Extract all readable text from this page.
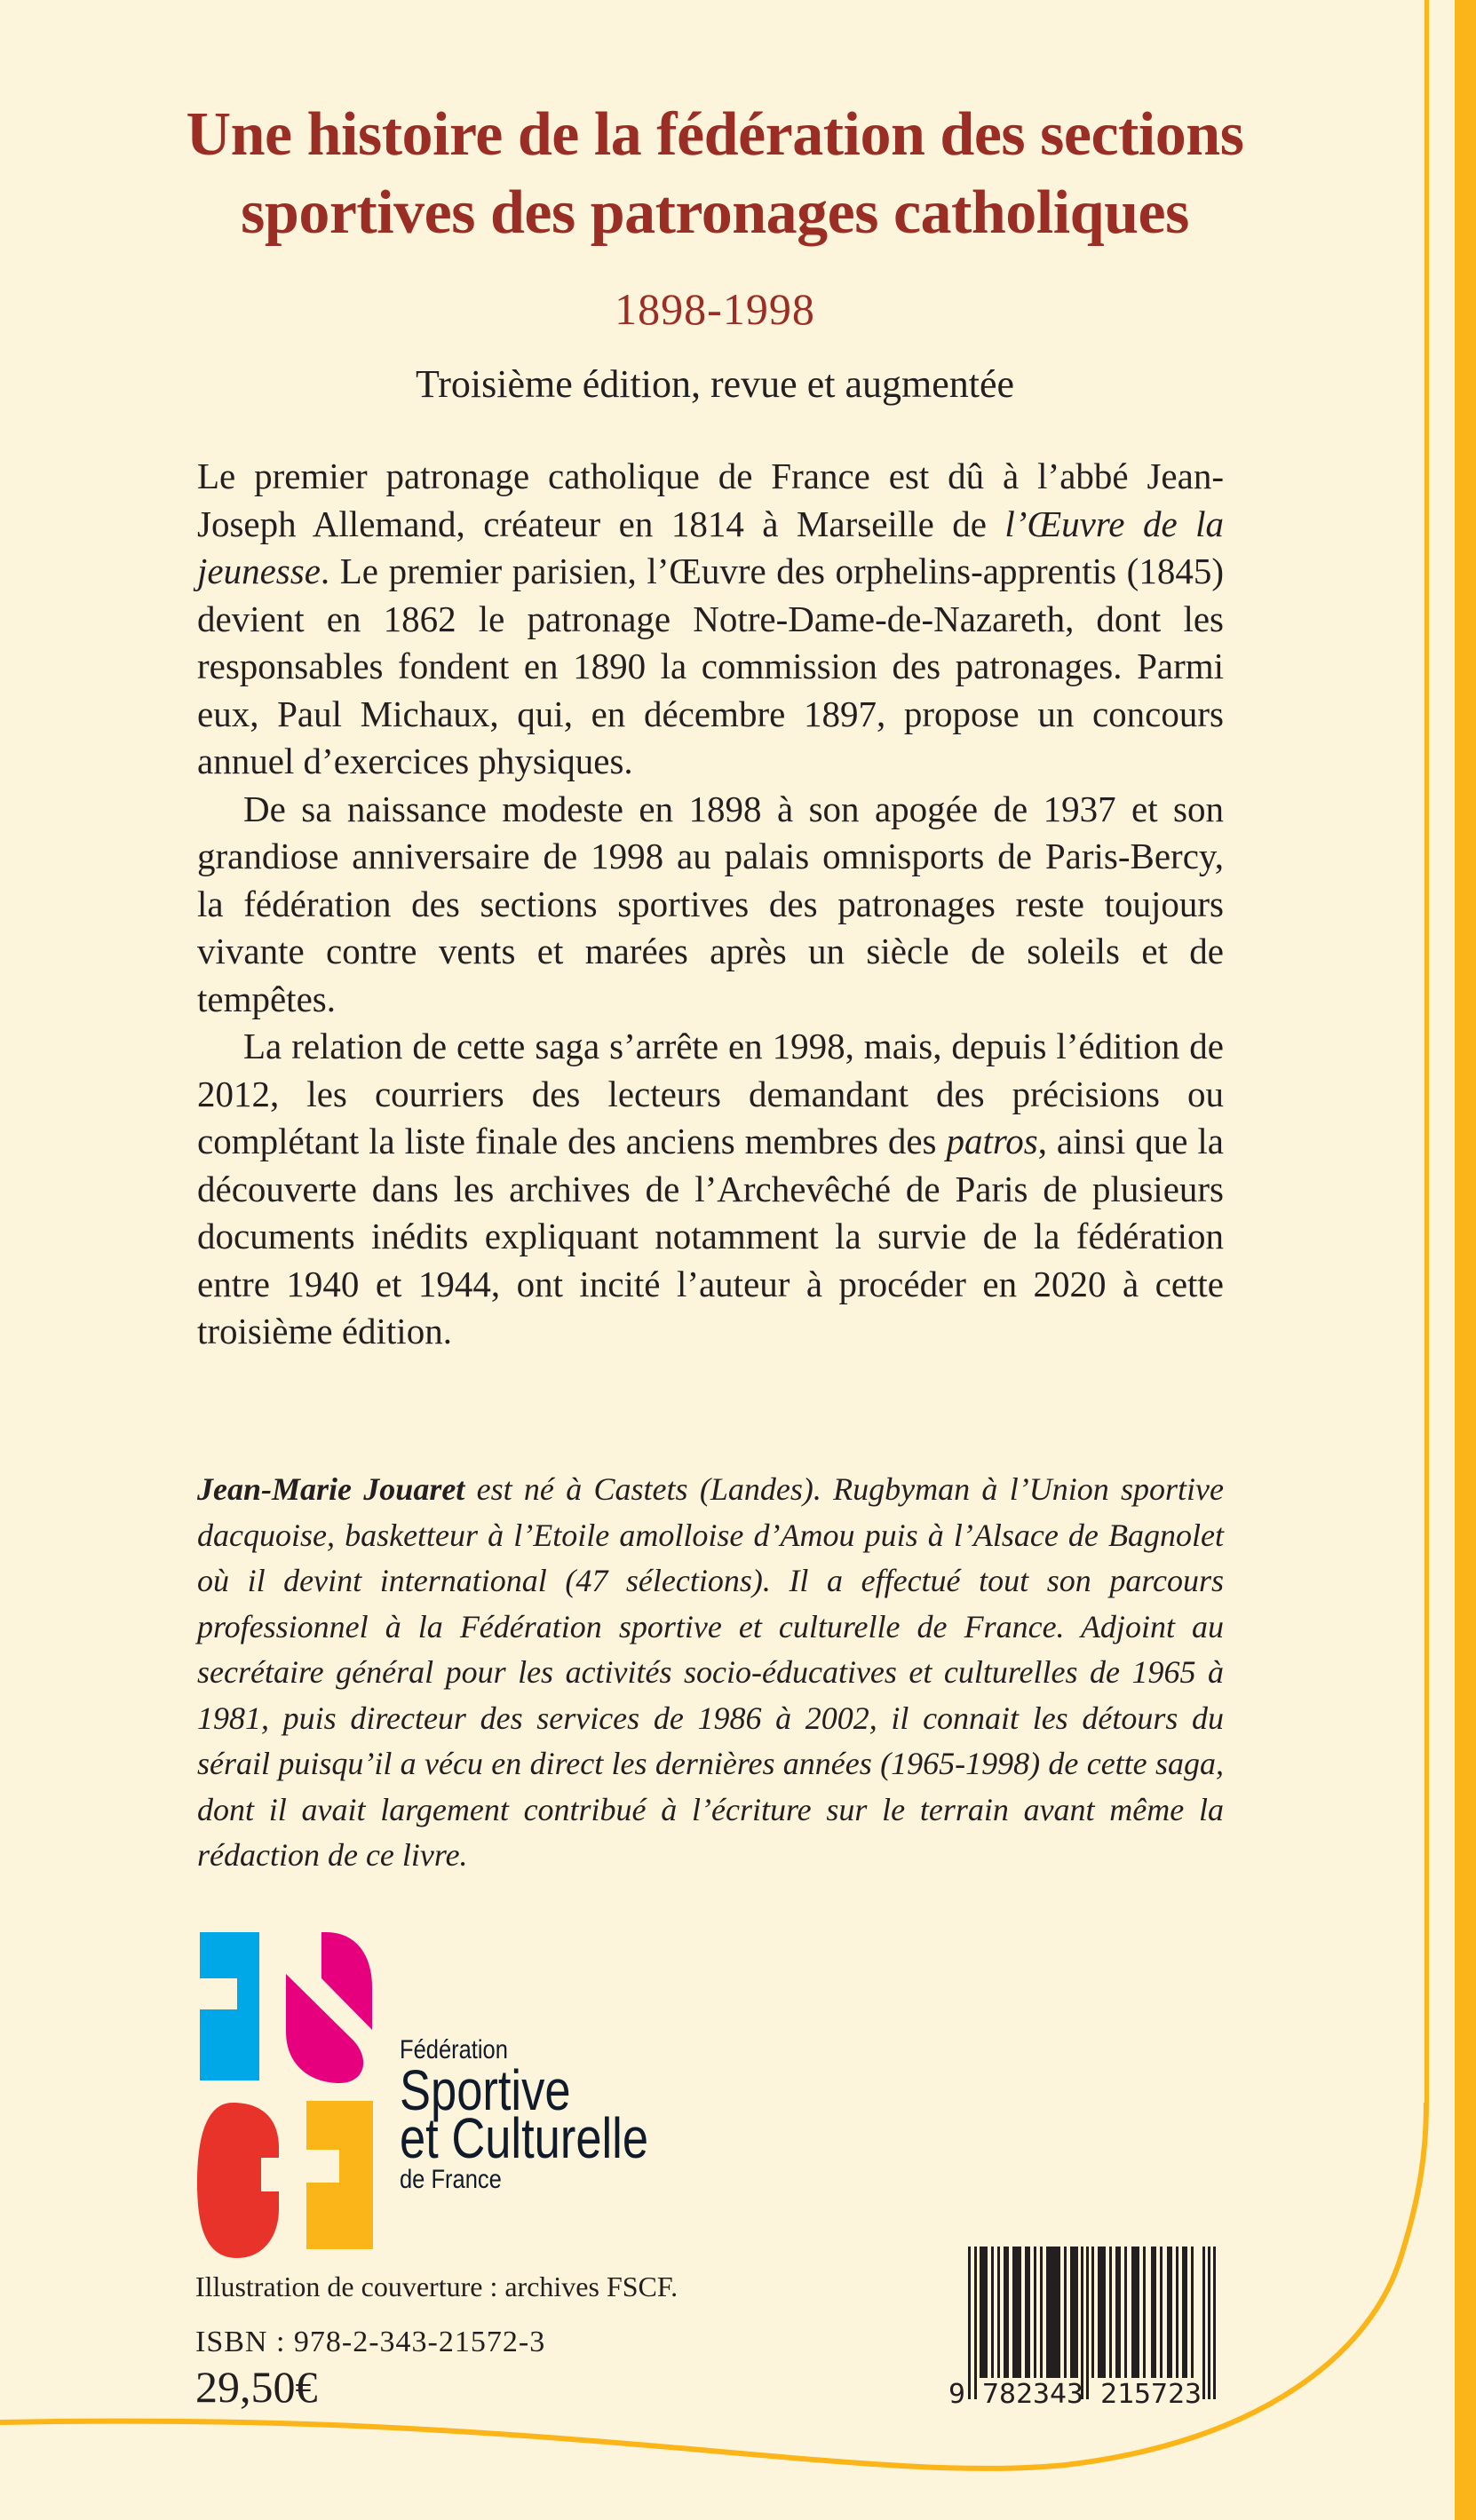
Une histoire de la fédération des sections
sportives des patronages catholiques
1898-1998
Troisième édition, revue et augmentée

Le premier patronage catholique de France est dû à l’abbé Jean-Joseph Allemand, créateur en 1814 à Marseille de l’Œuvre de la jeunesse. Le premier parisien, l’Œuvre des orphelins-apprentis (1845) devient en 1862 le patronage Notre-Dame-de-Nazareth, dont les responsables fondent en 1890 la commission des patronages. Parmi eux, Paul Michaux, qui, en décembre 1897, propose un concours annuel d’exercices physiques.

De sa naissance modeste en 1898 à son apogée de 1937 et son grandiose anniversaire de 1998 au palais omnisports de Paris-Bercy, la fédération des sections sportives des patronages reste toujours vivante contre vents et marées après un siècle de soleils et de tempêtes.

La relation de cette saga s’arrête en 1998, mais, depuis l’édition de 2012, les courriers des lecteurs demandant des précisions ou complétant la liste finale des anciens membres des patros, ainsi que la découverte dans les archives de l’Archevêché de Paris de plusieurs documents inédits expliquant notamment la survie de la fédération entre 1940 et 1944, ont incité l’auteur à procéder en 2020 à cette troisième édition.

Jean-Marie Jouaret est né à Castets (Landes). Rugbyman à l’Union sportive dacquoise, basketteur à l’Etoile amolloise d’Amou puis à l’Alsace de Bagnolet où il devint international (47 sélections). Il a effectué tout son parcours professionnel à la Fédération sportive et culturelle de France. Adjoint au secrétaire général pour les activités socio-éducatives et culturelles de 1965 à 1981, puis directeur des services de 1986 à 2002, il connait les détours du sérail puisqu’il a vécu en direct les dernières années (1965-1998) de cette saga, dont il avait largement contribué à l’écriture sur le terrain avant même la rédaction de ce livre.
Fédération
Sportive
et Culturelle
de France
Illustration de couverture : archives FSCF.
ISBN : 978-2-343-21572-3
29,50€	9 782343 215723
